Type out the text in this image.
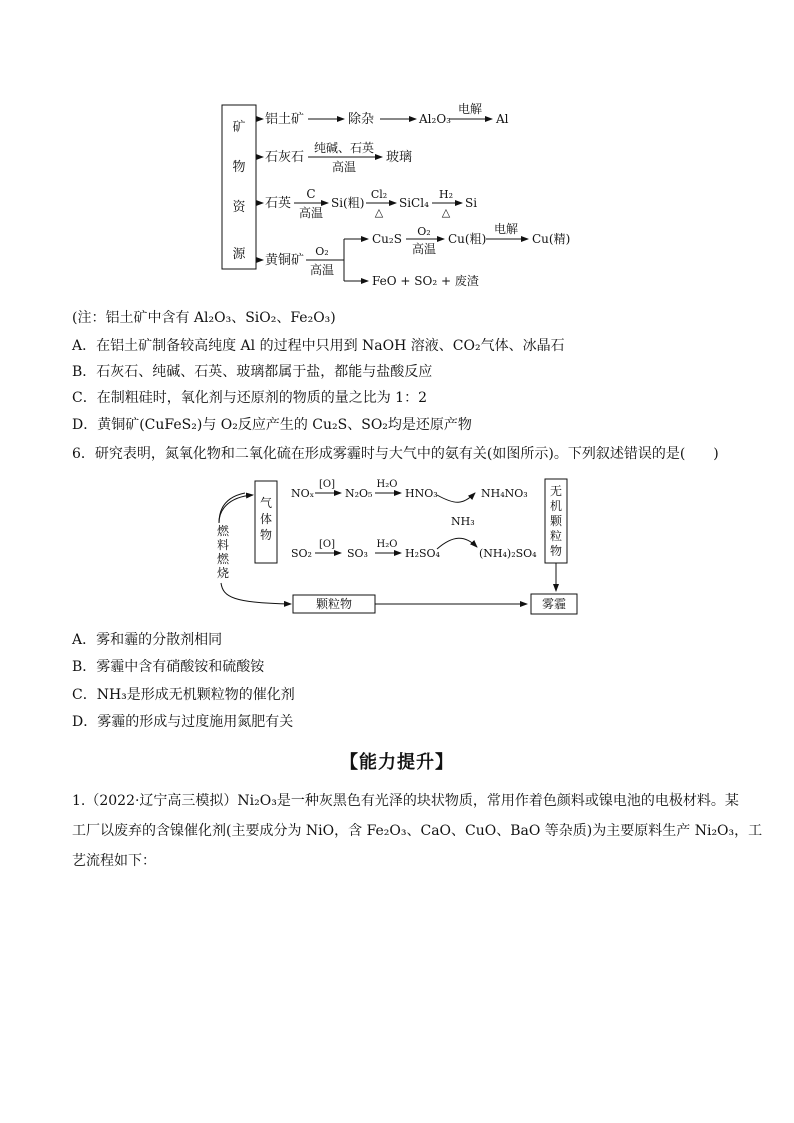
矿
物
资
源
铝土矿	除杂	Al₂O₃
电解
Al
石灰石
纯碱、石英
高温
玻璃
石英
C
高温
Si(粗)
Cl₂
△
SiCl₄
H₂
△
Si
黄铜矿
O₂
高温
Cu₂S
O₂
高温
Cu(粗)
电解
Cu(精)
FeO + SO₂ + 废渣
(注：铝土矿中含有 Al₂O₃、SiO₂、Fe₂O₃)
A．在铝土矿制备较高纯度 Al 的过程中只用到 NaOH 溶液、CO₂气体、冰晶石
B．石灰石、纯碱、石英、玻璃都属于盐，都能与盐酸反应
C．在制粗硅时，氧化剂与还原剂的物质的量之比为 1：2
D．黄铜矿(CuFeS₂)与 O₂反应产生的 Cu₂S、SO₂均是还原产物
6．研究表明，氮氧化物和二氧化硫在形成雾霾时与大气中的氨有关(如图所示)。下列叙述错误的是(　　)
气
体
物
燃
料
燃
烧
NOₓ
[O]
N₂O₅
H₂O
HNO₃	NH₄NO₃
NH₃
SO₂
[O]
SO₃
H₂O
H₂SO₄	(NH₄)₂SO₄
无
机
颗
粒
物
颗粒物	雾霾
A．雾和霾的分散剂相同
B．雾霾中含有硝酸铵和硫酸铵
C．NH₃是形成无机颗粒物的催化剂
D．雾霾的形成与过度施用氮肥有关
【能力提升】
1.（2022·辽宁高三模拟）Ni₂O₃是一种灰黑色有光泽的块状物质，常用作着色颜料或镍电池的电极材料。某
工厂以废弃的含镍催化剂(主要成分为 NiO，含 Fe₂O₃、CaO、CuO、BaO 等杂质)为主要原料生产 Ni₂O₃，工
艺流程如下：
